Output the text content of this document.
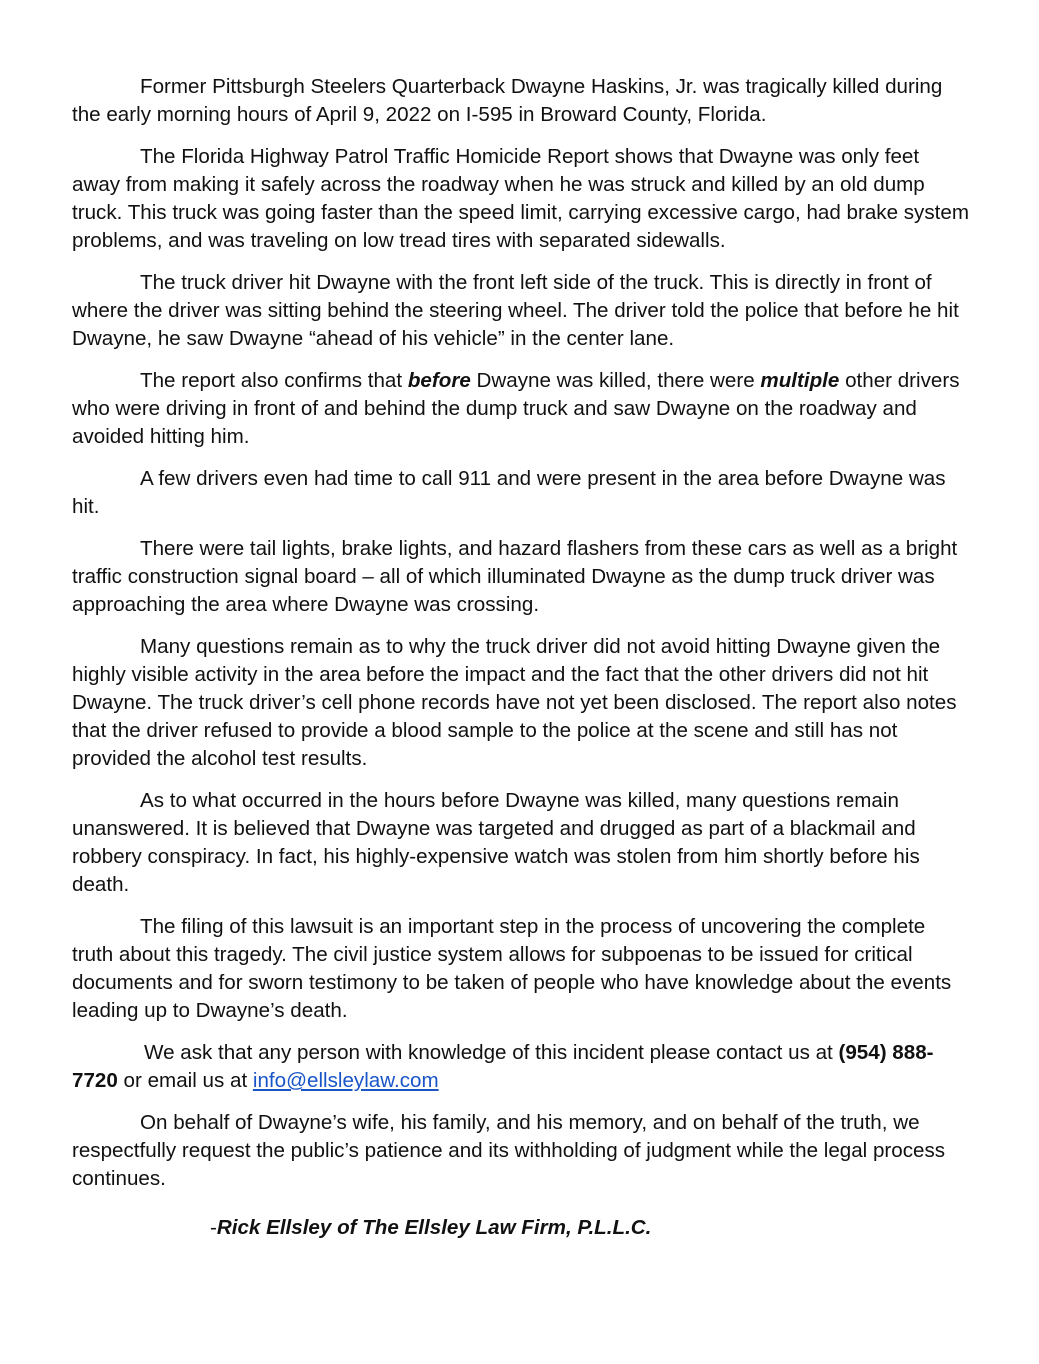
Former Pittsburgh Steelers Quarterback Dwayne Haskins, Jr. was tragically killed during the early morning hours of April 9, 2022 on I-595 in Broward County, Florida.

The Florida Highway Patrol Traffic Homicide Report shows that Dwayne was only feet away from making it safely across the roadway when he was struck and killed by an old dump truck. This truck was going faster than the speed limit, carrying excessive cargo, had brake system problems, and was traveling on low tread tires with separated sidewalls.

The truck driver hit Dwayne with the front left side of the truck. This is directly in front of where the driver was sitting behind the steering wheel. The driver told the police that before he hit Dwayne, he saw Dwayne “ahead of his vehicle” in the center lane.

The report also confirms that before Dwayne was killed, there were multiple other drivers who were driving in front of and behind the dump truck and saw Dwayne on the roadway and avoided hitting him.

A few drivers even had time to call 911 and were present in the area before Dwayne was hit.

There were tail lights, brake lights, and hazard flashers from these cars as well as a bright traffic construction signal board – all of which illuminated Dwayne as the dump truck driver was approaching the area where Dwayne was crossing.

Many questions remain as to why the truck driver did not avoid hitting Dwayne given the highly visible activity in the area before the impact and the fact that the other drivers did not hit Dwayne. The truck driver’s cell phone records have not yet been disclosed. The report also notes that the driver refused to provide a blood sample to the police at the scene and still has not provided the alcohol test results.

As to what occurred in the hours before Dwayne was killed, many questions remain unanswered. It is believed that Dwayne was targeted and drugged as part of a blackmail and robbery conspiracy. In fact, his highly-expensive watch was stolen from him shortly before his death.

The filing of this lawsuit is an important step in the process of uncovering the complete truth about this tragedy. The civil justice system allows for subpoenas to be issued for critical documents and for sworn testimony to be taken of people who have knowledge about the events leading up to Dwayne’s death.

We ask that any person with knowledge of this incident please contact us at (954) 888-7720 or email us at info@ellsleylaw.com

On behalf of Dwayne’s wife, his family, and his memory, and on behalf of the truth, we respectfully request the public’s patience and its withholding of judgment while the legal process continues.

-Rick Ellsley of The Ellsley Law Firm, P.L.L.C.
